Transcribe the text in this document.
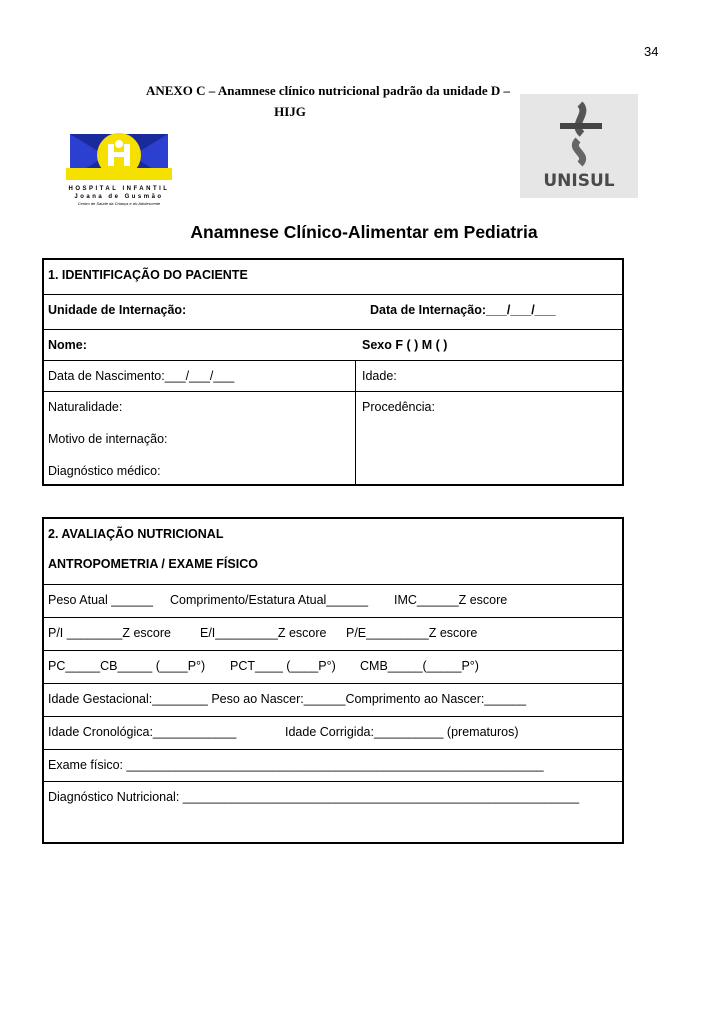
34
ANEXO C – Anamnese clínico nutricional padrão da unidade D –
HIJG
HOSPITAL INFANTIL
Joana de Gusmão
Centro de Saúde da Criança e do Adolescente
UNISUL
Anamnese Clínico-Alimentar em Pediatria
1. IDENTIFICAÇÃO DO PACIENTE
Unidade de Internação:	Data de Internação:___/___/___
Nome:	Sexo F ( ) M ( )
Data de Nascimento:___/___/___	Idade:
Naturalidade:	Procedência:
Motivo de internação:
Diagnóstico médico:
2. AVALIAÇÃO NUTRICIONAL
ANTROPOMETRIA / EXAME FÍSICO
Peso Atual ______ Comprimento/Estatura Atual______ IMC______Z escore
P/I ________Z escore E/I_________Z escore P/E_________Z escore
PC_____CB_____ (____P°) PCT____ (____P°) CMB_____(_____P°)
Idade Gestacional:________ Peso ao Nascer:______Comprimento ao Nascer:______
Idade Cronológica:____________	Idade Corrigida:__________ (prematuros)
Exame físico: ____________________________________________________________
Diagnóstico Nutricional: _________________________________________________________
